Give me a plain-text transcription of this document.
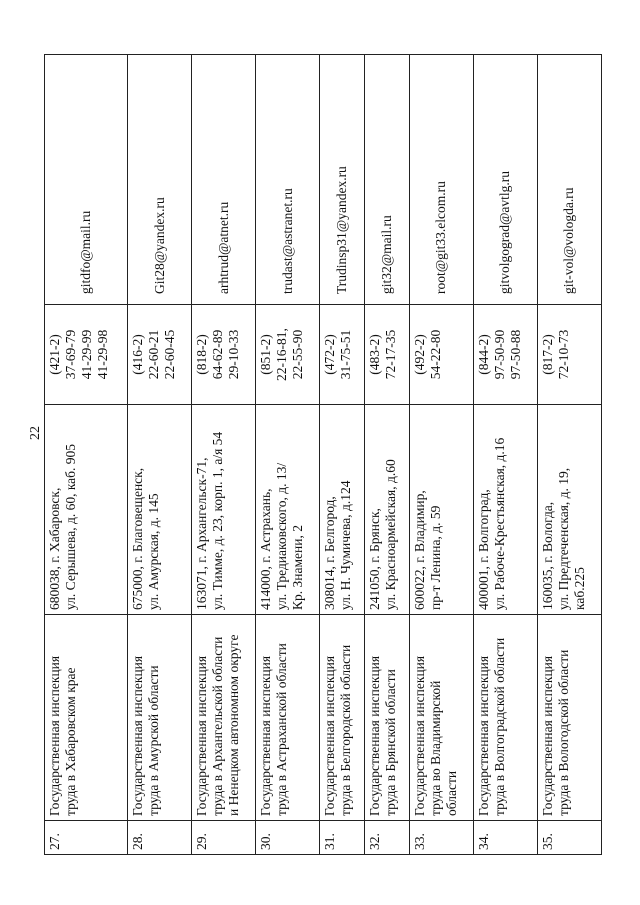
22
27.	Государственная инспекция труда в Хабаровском крае	680038, г. Хабаровск, ул. Серышева, д. 60, каб. 905	(421-2) 37-69-79 41-29-99 41-29-98	gitdfo@mail.ru
28.	Государственная инспекция труда в Амурской области	675000, г. Благовещенск, ул. Амурская, д. 145	(416-2) 22-60-21 22-60-45	Git28@yandex.ru
29.	Государственная инспекция труда в Архангельской области и Ненецком автономном округе	163071, г. Архангельск-71, ул. Тимме, д. 23, корп. 1, а/я 54	(818-2) 64-62-89 29-10-33	arhtrud@atnet.ru
30.	Государственная инспекция труда в Астраханской области	414000, г. Астрахань, ул. Тредиаковского, д. 13/ Кр. Знамени, 2	(851-2) 22-16-81, 22-55-90	trudast@astranet.ru
31.	Государственная инспекция труда в Белгородской области	308014, г. Белгород, ул. Н. Чумичева, д.124	(472-2) 31-75-51	Trudinsp31@yandex.ru
32.	Государственная инспекция труда в Брянской области	241050, г. Брянск, ул. Красноармейская, д.60	(483-2) 72-17-35	git32@mail.ru
33.	Государственная инспекция труда во Владимирской области	600022, г. Владимир, пр-т Ленина, д. 59	(492-2) 54-22-80	root@git33.elcom.ru
34.	Государственная инспекция труда в Волгоградской области	400001, г. Волгоград, ул. Рабоче-Крестьянская, д.16	(844-2) 97-50-90 97-50-88	gitvolgograd@avtlg.ru
35.	Государственная инспекция труда в Вологодской области	160035, г. Вологда, ул. Предтеченская, д. 19, каб.225	(817-2) 72-10-73	git-vol@vologda.ru
